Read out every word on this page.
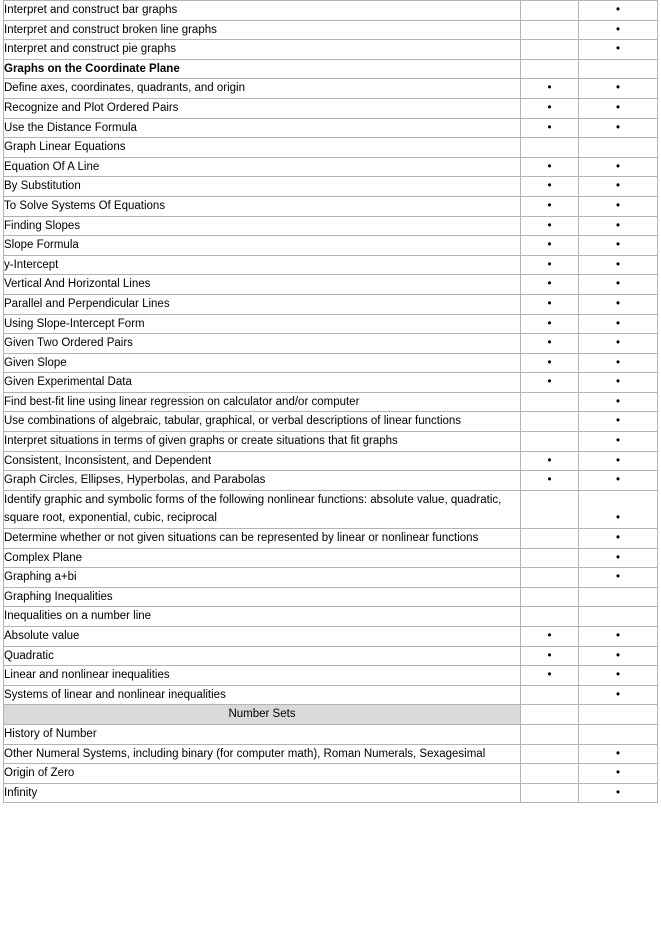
Interpret and construct bar graphs		•
Interpret and construct broken line graphs		•
Interpret and construct pie graphs		•
Graphs on the Coordinate Plane		
Define axes, coordinates, quadrants, and origin	•	•
Recognize and Plot Ordered Pairs	•	•
Use the Distance Formula	•	•
Graph Linear Equations		
Equation Of A Line	•	•
By Substitution	•	•
To Solve Systems Of Equations	•	•
Finding Slopes	•	•
Slope Formula	•	•
y-Intercept	•	•
Vertical And Horizontal Lines	•	•
Parallel and Perpendicular Lines	•	•
Using Slope-Intercept Form	•	•
Given Two Ordered Pairs	•	•
Given Slope	•	•
Given Experimental Data	•	•
Find best-fit line using linear regression on calculator and/or computer		•
Use combinations of algebraic, tabular, graphical, or verbal descriptions of linear functions		•
Interpret situations in terms of given graphs or create situations that fit graphs		•
Consistent, Inconsistent, and Dependent	•	•
Graph Circles, Ellipses, Hyperbolas, and Parabolas	•	•
Identify graphic and symbolic forms of the following nonlinear functions: absolute value, quadratic, square root, exponential, cubic, reciprocal		•
Determine whether or not given situations can be represented by linear or nonlinear functions		•
Complex Plane		•
Graphing a+bi		•
Graphing Inequalities		
Inequalities on a number line		
Absolute value	•	•
Quadratic	•	•
Linear and nonlinear inequalities	•	•
Systems of linear and nonlinear inequalities		•
Number Sets		
History of Number		
Other Numeral Systems, including binary (for computer math), Roman Numerals, Sexagesimal		•
Origin of Zero		•
Infinity		•
